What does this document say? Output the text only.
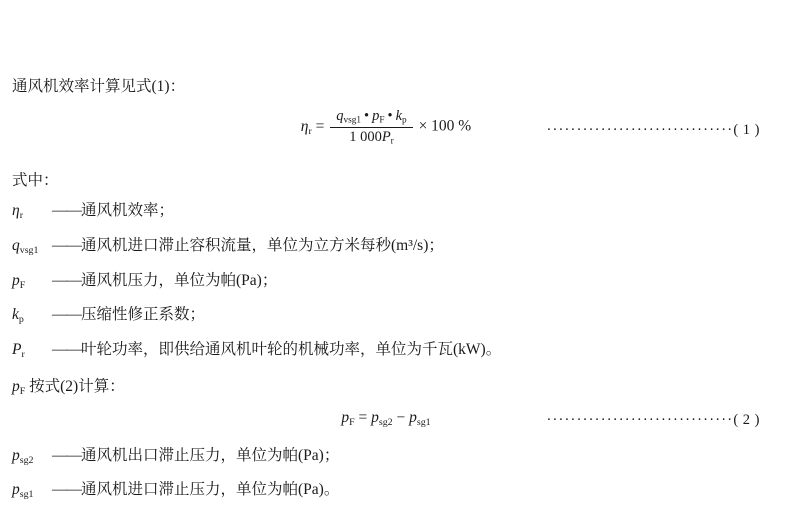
通风机效率计算见式(1)：
$\eta_r = \frac{q_{vsg1} • p_F • k_p}{1 000P_r} \times 100$ %	·······························( 1 )
式中：
$\eta_r$ ——通风机效率；
$q_{vsg1}$ ——通风机进口滞止容积流量，单位为立方米每秒(m³/s)；
$p_F$ ——通风机压力，单位为帕(Pa)；
$k_p$ ——压缩性修正系数；
$P_r$ ——叶轮功率，即供给通风机叶轮的机械功率，单位为千瓦(kW)。
$p_F$ 按式(2)计算：
$p_F = p_{sg2} - p_{sg1}$	·······························( 2 )
$p_{sg2}$ ——通风机出口滞止压力，单位为帕(Pa)；
$p_{sg1}$ ——通风机进口滞止压力，单位为帕(Pa)。
